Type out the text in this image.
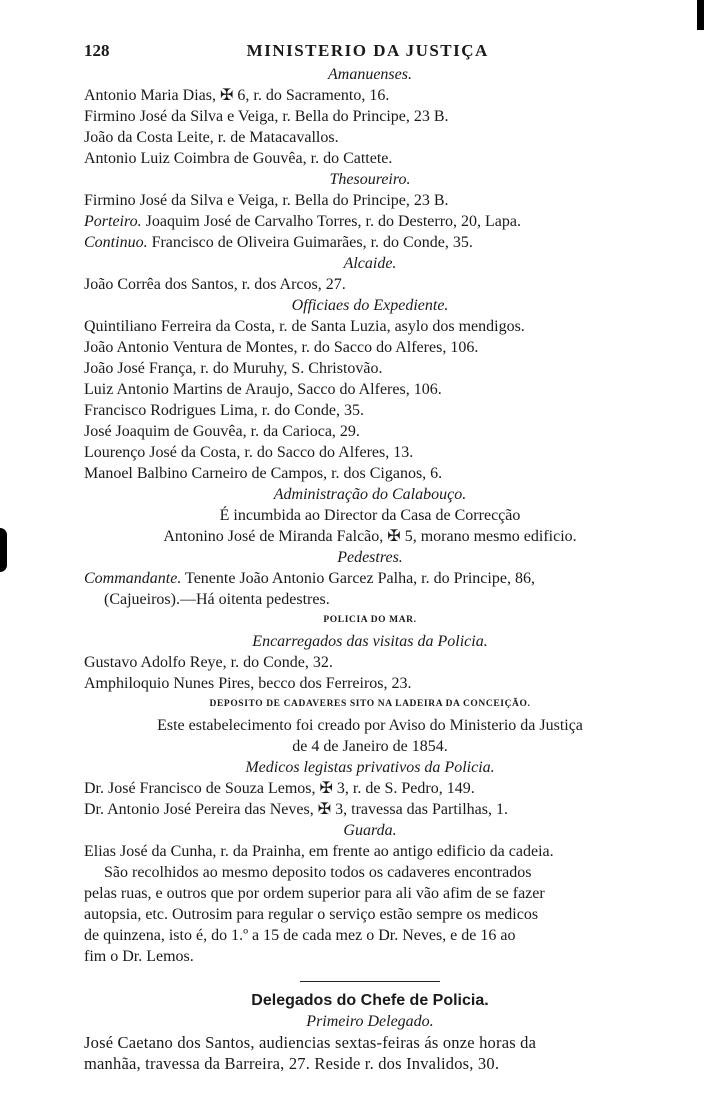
128	MINISTERIO DA JUSTIÇA
Amanuenses.
Antonio Maria Dias, ✠ 6, r. do Sacramento, 16.
Firmino José da Silva e Veiga, r. Bella do Principe, 23 B.
João da Costa Leite, r. de Matacavallos.
Antonio Luiz Coimbra de Gouvêa, r. do Cattete.
Thesoureiro.
Firmino José da Silva e Veiga, r. Bella do Principe, 23 B.
Porteiro. Joaquim José de Carvalho Torres, r. do Desterro, 20, Lapa.
Continuo. Francisco de Oliveira Guimarães, r. do Conde, 35.
Alcaide.
João Corrêa dos Santos, r. dos Arcos, 27.
Officiaes do Expediente.
Quintiliano Ferreira da Costa, r. de Santa Luzia, asylo dos mendigos.
João Antonio Ventura de Montes, r. do Sacco do Alferes, 106.
João José França, r. do Muruhy, S. Christovão.
Luiz Antonio Martins de Araujo, Sacco do Alferes, 106.
Francisco Rodrigues Lima, r. do Conde, 35.
José Joaquim de Gouvêa, r. da Carioca, 29.
Lourenço José da Costa, r. do Sacco do Alferes, 13.
Manoel Balbino Carneiro de Campos, r. dos Ciganos, 6.
Administração do Calabouço.
É incumbida ao Director da Casa de Correcção
Antonino José de Miranda Falcão, ✠ 5, morano mesmo edificio.
Pedestres.
Commandante. Tenente João Antonio Garcez Palha, r. do Principe, 86,
(Cajueiros).—Há oitenta pedestres.
POLICIA DO MAR.
Encarregados das visitas da Policia.
Gustavo Adolfo Reye, r. do Conde, 32.
Amphiloquio Nunes Pires, becco dos Ferreiros, 23.
DEPOSITO DE CADAVERES SITO NA LADEIRA DA CONCEIÇÃO.
Este estabelecimento foi creado por Aviso do Ministerio da Justiça
de 4 de Janeiro de 1854.
Medicos legistas privativos da Policia.
Dr. José Francisco de Souza Lemos, ✠ 3, r. de S. Pedro, 149.
Dr. Antonio José Pereira das Neves, ✠ 3, travessa das Partilhas, 1.
Guarda.
Elias José da Cunha, r. da Prainha, em frente ao antigo edificio da cadeia.
São recolhidos ao mesmo deposito todos os cadaveres encontrados
pelas ruas, e outros que por ordem superior para ali vão afim de se fazer
autopsia, etc. Outrosim para regular o serviço estão sempre os medicos
de quinzena, isto é, do 1.º a 15 de cada mez o Dr. Neves, e de 16 ao
fim o Dr. Lemos.
Delegados do Chefe de Policia.
Primeiro Delegado.
José Caetano dos Santos, audiencias sextas-feiras ás onze horas da
manhãa, travessa da Barreira, 27. Reside r. dos Invalidos, 30.
